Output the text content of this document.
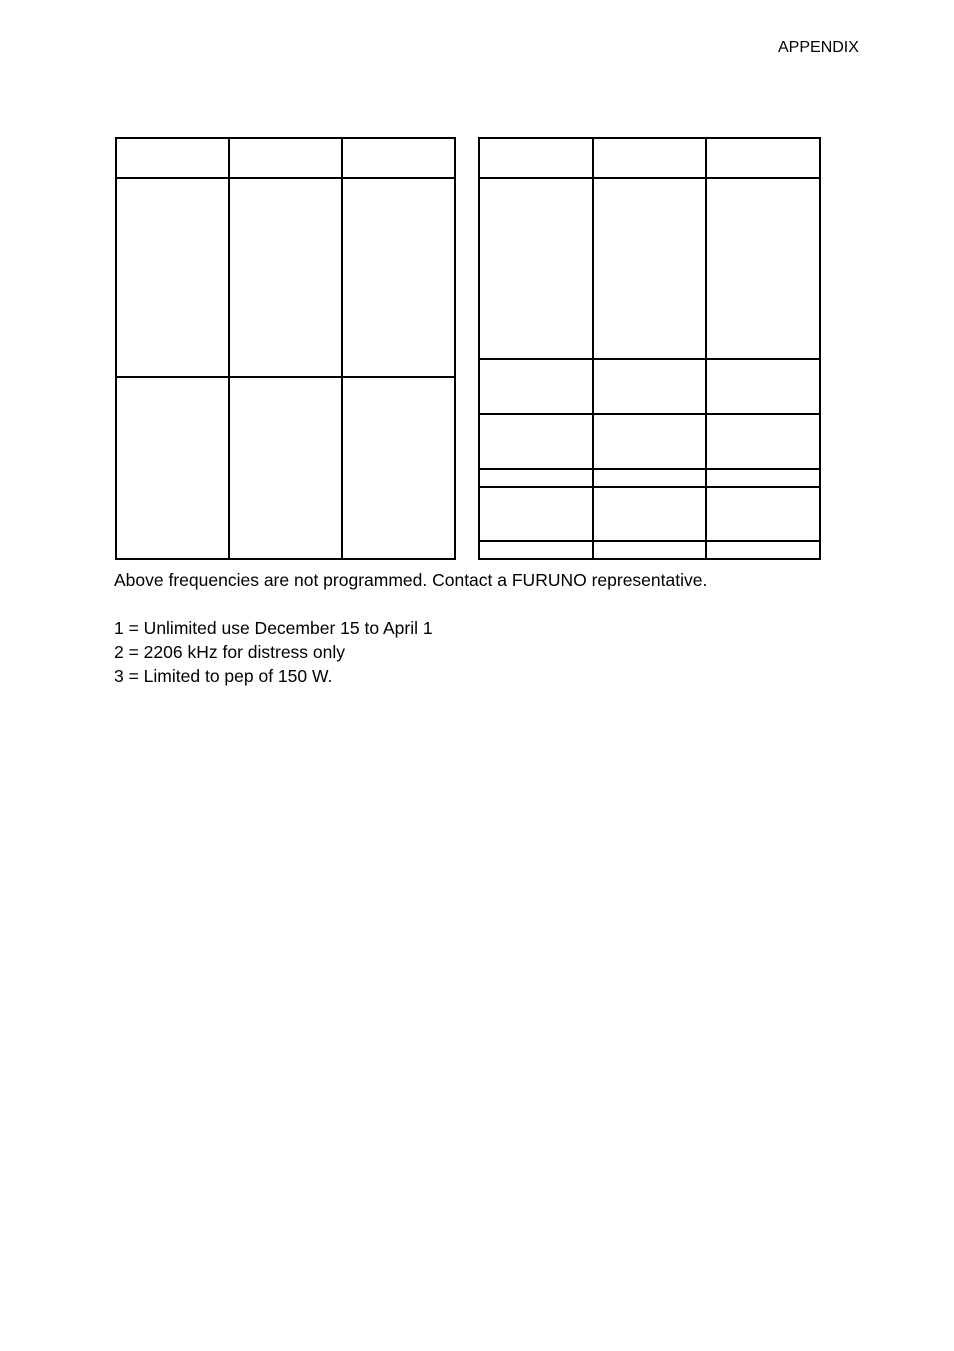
APPENDIX

Above frequencies are not programmed. Contact a FURUNO representative.

1 = Unlimited use December 15 to April 1

2 = 2206 kHz for distress only

3 = Limited to pep of 150 W.
